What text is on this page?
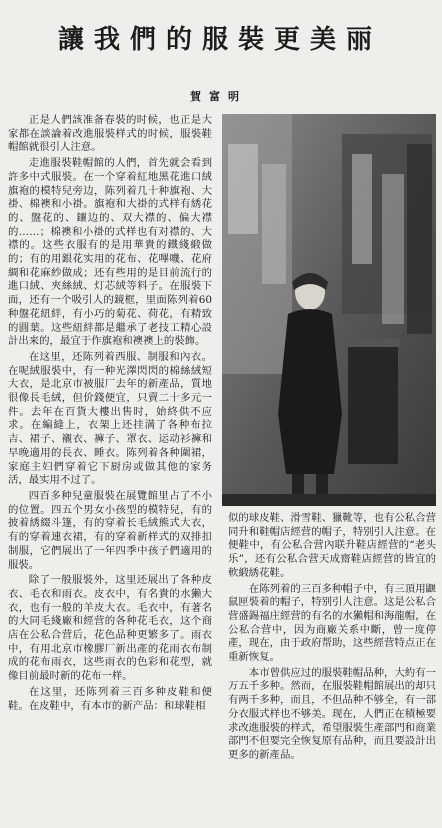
讓我們的服裝更美丽
賀富明

正是人們該准备春裝的时候，也正是大家都在談論着改進服裝样式的时候，服裝鞋帽館就很引人注意。

走進服裝鞋帽館的人們，首先就会看到許多中式服裝。在一个穿着紅地黑花進口絨旗袍的模特兒旁边，陈列着几十种旗袍、大褂、棉襖和小褂。旗袍和大褂的式样有綉花的、盤花的、鑲边的、双大襟的、偏大襟的……；棉襖和小褂的式样也有对襟的、大襟的。这些衣服有的是用華貴的鐵綫緞做的；有的用銀花实用的花布、花嗶嘰、花府綢和花麻紗做成；还有些用的是目前流行的進口絨、夾絲絨、灯芯絨等料子。在服裝下面，还有一个吸引人的鏡框，里面陈列着60种盤花紐絆，有小巧的菊花、荷花，有精致的圓葉。这些紐絆都是繼承了老技工精心設計出来的，最宜于作旗袍和襖襖上的裝飾。

在这里，还陈列着西服、制服和內衣。在呢絨服裝中，有一种光澤閃閃的棉絲絨短大衣，是北京市被服厂去年的新產品，質地很像長毛絨，但价錢便宜，只賣二十多元一件。去年在百貨大樓出售时，始終供不应求。在編縫上，衣架上还挂满了各种布拉吉、裙子、襯衣、褲子、罩衣、运动衫褲和早晚適用的長衣、睡衣。陈列着各种圍裙，家庭主妇們穿着它下厨房或做其他的家务活，最实用不过了。

四百多种兒童服裝在展覽館里占了不小的位置。四五个男女小孩型的模特兒，有的披着綉綴斗篷，有的穿着长毛絨熊式大衣，有的穿着連衣裙，有的穿着新样式的双排扣制服，它們展出了一年四季中孩子們適用的服裝。

除了一般服裝外，这里还展出了各种皮衣、毛衣和雨衣。皮衣中，有名貴的水獭大衣，也有一般的羊皮大衣。毛衣中，有著名的大同毛綫廠和經营的各种花毛衣，这个商店在公私合营后，花色品种更繁多了。雨衣中，有用北京市橡膠厂新出產的花雨衣布制成的花布雨衣，这些雨衣的色彩和花型，就像目前最时新的花布一样。

在这里，还陈列着三百多种皮鞋和便鞋。在皮鞋中，有本市的新产品：和球鞋相

似的球皮鞋、滑雪鞋、獵靴等，也有公私合营同升和鞋帽店經营的帽子，特别引人注意。在便鞋中，有公私合营內联升鞋店經营的“老头乐”，还有公私合营天成齋鞋店經营的皆宜的軟緞綉花鞋。

在陈列着的三百多种帽子中，有三頂用鼴鼠匣裝着的帽子，特别引人注意。这是公私合营盛錫福庄經营的有名的水獺帽和海龍帽，在公私合营中，因为商廠关系中斷，曾一度停產，现在，由于政府帮助，这些經营特点正在重新恢复。

本市曾供应过的服裝鞋帽品种，大約有一万五千多种。然而，在服裝鞋帽館展出的却只有两千多种，而且，不但品种不够全，有一部分衣服式样也不够美。现在，人們正在積極要求改進服裝的样式，希望服裝生產部門和商業部門不但要完全恢复原有品种，而且要設計出更多的新產品。
